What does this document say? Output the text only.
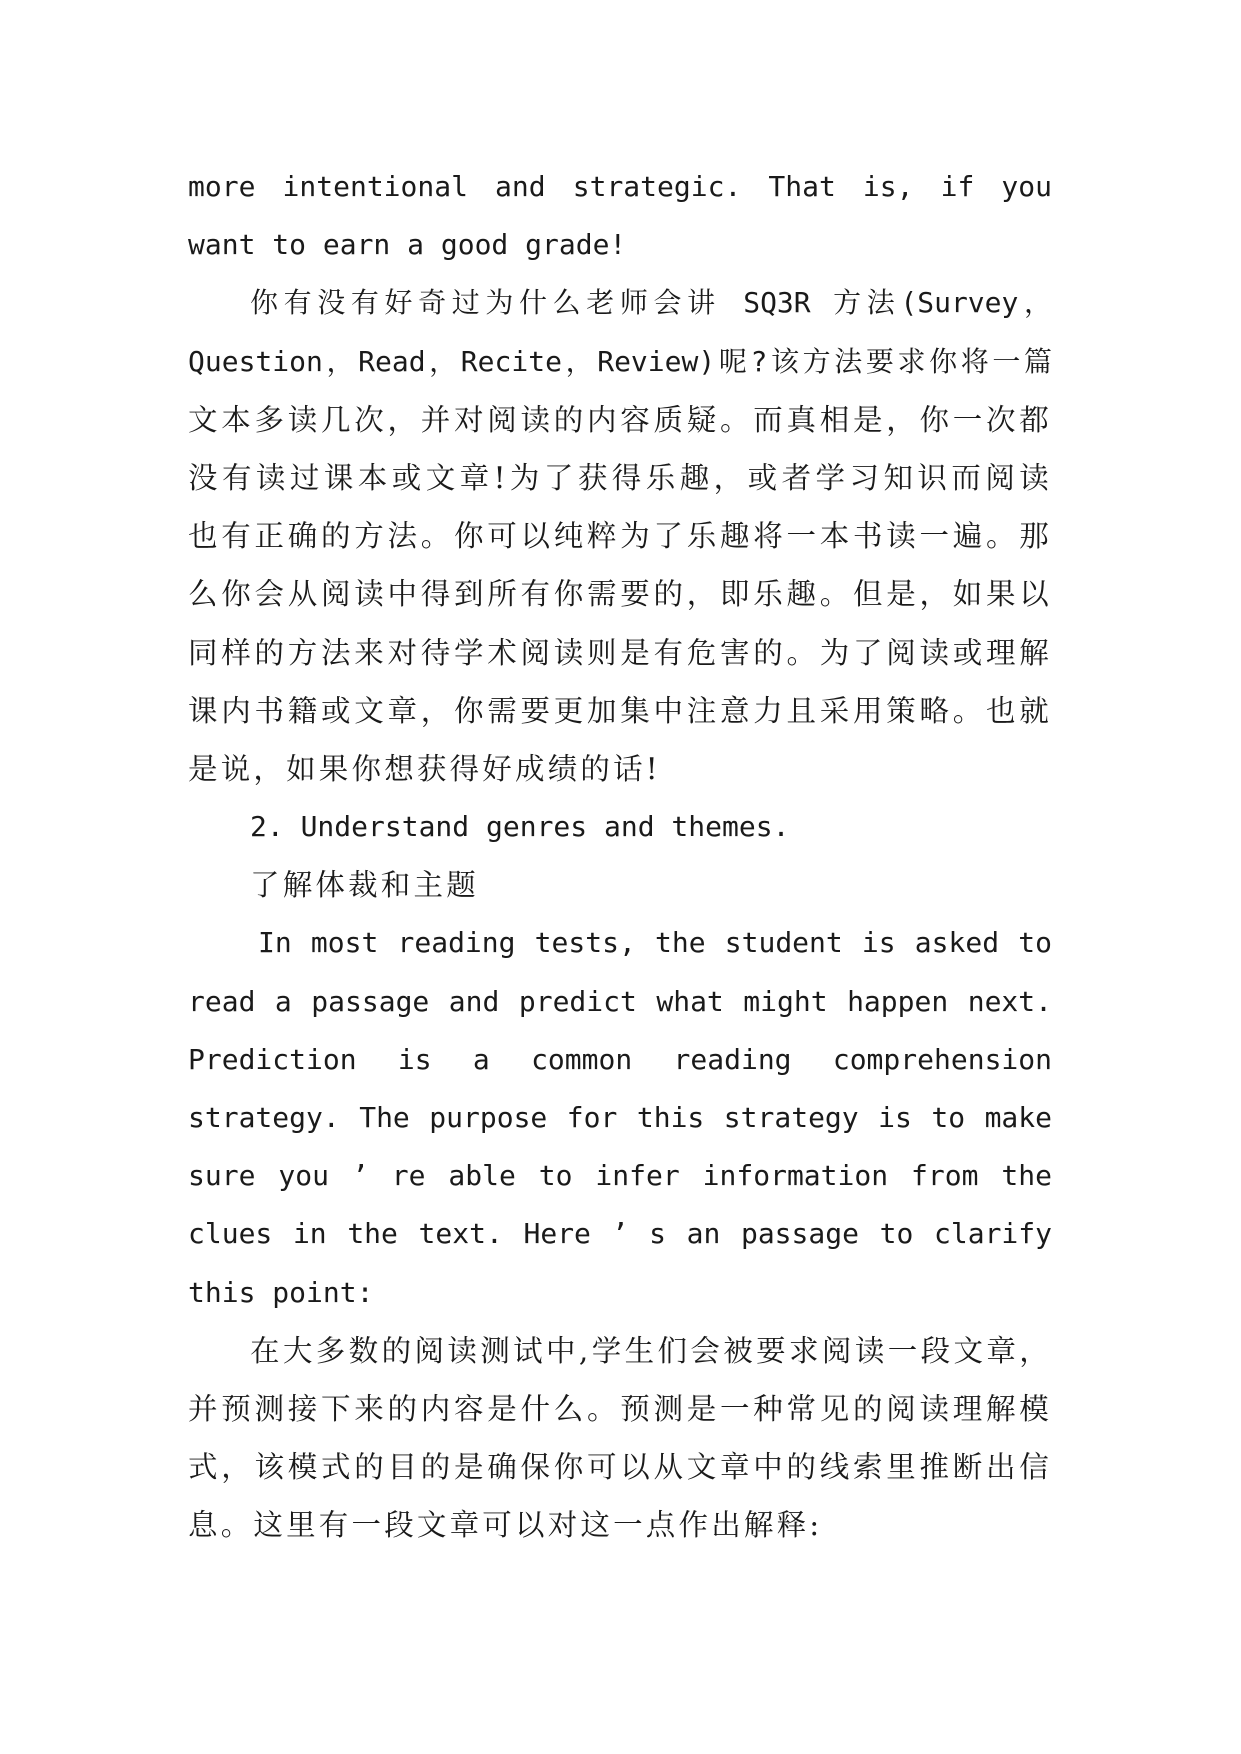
more intentional and strategic. That is, if you
want to earn a good grade!
你有没有好奇过为什么老师会讲 SQ3R 方法(Survey，
Question，Read，Recite，Review)呢?该方法要求你将一篇
文本多读几次，并对阅读的内容质疑。而真相是，你一次都
没有读过课本或文章!为了获得乐趣，或者学习知识而阅读
也有正确的方法。你可以纯粹为了乐趣将一本书读一遍。那
么你会从阅读中得到所有你需要的，即乐趣。但是，如果以
同样的方法来对待学术阅读则是有危害的。为了阅读或理解
课内书籍或文章，你需要更加集中注意力且采用策略。也就
是说，如果你想获得好成绩的话!
2. Understand genres and themes.
了解体裁和主题
In most reading tests, the student is asked to
read a passage and predict what might happen next.
Prediction is a common reading comprehension
strategy. The purpose for this strategy is to make
sure you ’ re able to infer information from the
clues in the text. Here ’ s an passage to clarify
this point:
在大多数的阅读测试中,学生们会被要求阅读一段文章，
并预测接下来的内容是什么。预测是一种常见的阅读理解模
式，该模式的目的是确保你可以从文章中的线索里推断出信
息。这里有一段文章可以对这一点作出解释:
